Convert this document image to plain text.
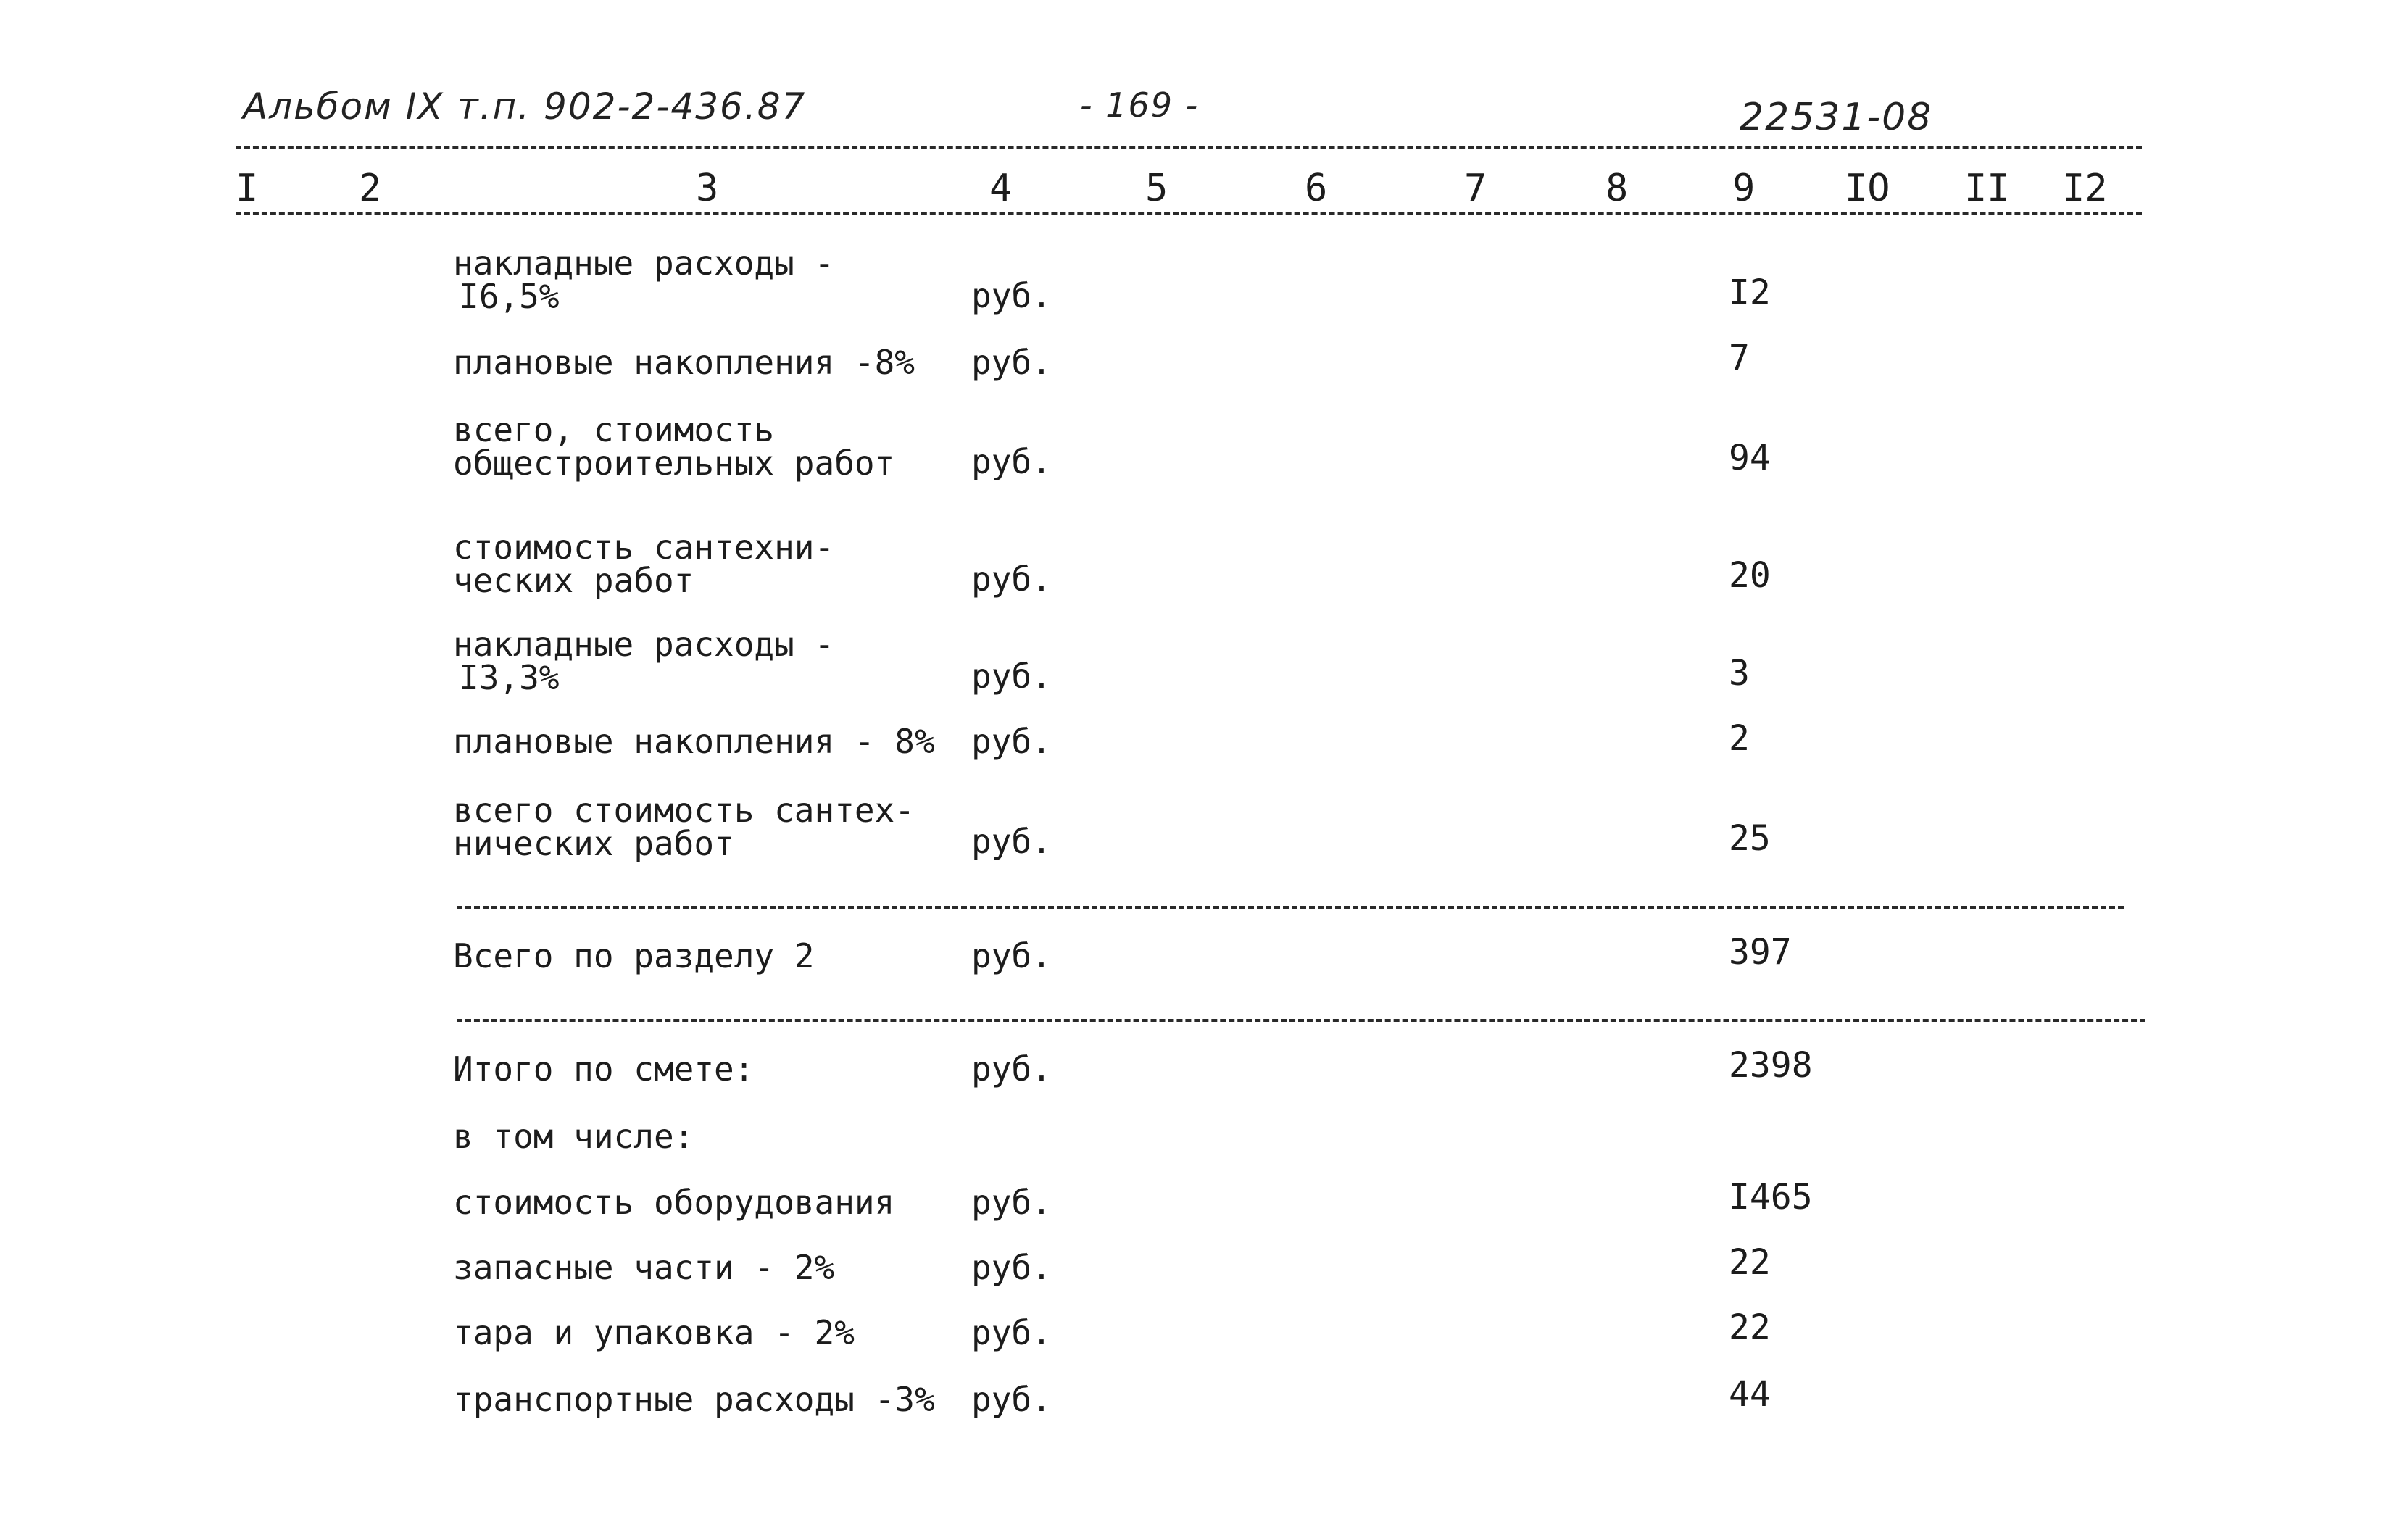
Альбом IX т.п. 902-2-436.87	- 169 -	22531-08
I	2	3	4	5	6	7	8	9 IO II I2
накладные расходы -
I6,5%	руб.	I2
плановые накопления -8% руб.	7
всего, стоимость
общестроительных работ руб.	94
стоимость сантехни-
ческих работ	руб.	20
накладные расходы -
I3,3%	руб.	3
плановые накопления - 8% руб.	2
всего стоимость сантех-
нических работ	руб.	25
Всего по разделу 2	руб.	397
Итого по смете:	руб.	2398
в том числе:
стоимость оборудования руб.	I465
запасные части - 2%	руб.	22
тара и упаковка - 2%	руб.	22
транспортные расходы -3% руб.	44
